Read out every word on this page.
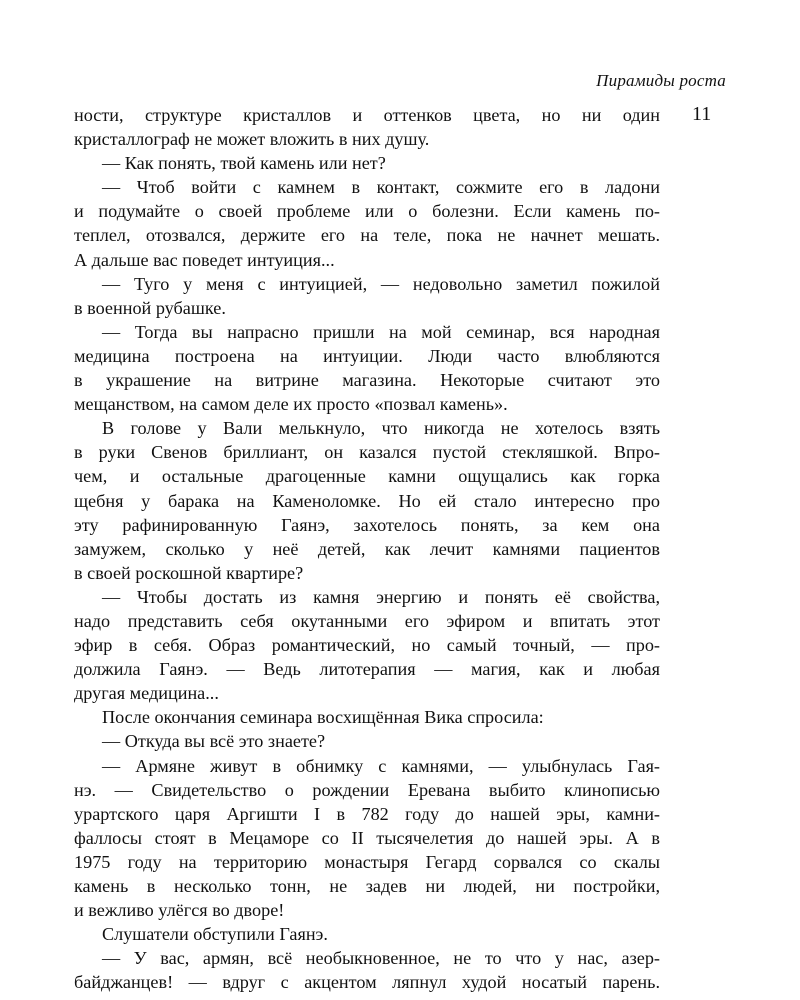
Пирамиды роста
11
ности, структуре кристаллов и оттенков цвета, но ни один
кристаллограф не может вложить в них душу.
— Как понять, твой камень или нет?
— Чтоб войти с камнем в контакт, сожмите его в ладони
и подумайте о своей проблеме или о болезни. Если камень по-
теплел, отозвался, держите его на теле, пока не начнет мешать.
А дальше вас поведет интуиция...
— Туго у меня с интуицией, — недовольно заметил пожилой
в военной рубашке.
— Тогда вы напрасно пришли на мой семинар, вся народная
медицина построена на интуиции. Люди часто влюбляются
в украшение на витрине магазина. Некоторые считают это
мещанством, на самом деле их просто «позвал камень».
В голове у Вали мелькнуло, что никогда не хотелось взять
в руки Свенов бриллиант, он казался пустой стекляшкой. Впро-
чем, и остальные драгоценные камни ощущались как горка
щебня у барака на Каменоломке. Но ей стало интересно про
эту рафинированную Гаянэ, захотелось понять, за кем она
замужем, сколько у неё детей, как лечит камнями пациентов
в своей роскошной квартире?
— Чтобы достать из камня энергию и понять её свойства,
надо представить себя окутанными его эфиром и впитать этот
эфир в себя. Образ романтический, но самый точный, — про-
должила Гаянэ. — Ведь литотерапия — магия, как и любая
другая медицина...
После окончания семинара восхищённая Вика спросила:
— Откуда вы всё это знаете?
— Армяне живут в обнимку с камнями, — улыбнулась Гая-
нэ. — Свидетельство о рождении Еревана выбито клинописью
урартского царя Аргишти I в 782 году до нашей эры, камни-
фаллосы стоят в Мецаморе со II тысячелетия до нашей эры. А в
1975 году на территорию монастыря Гегард сорвался со скалы
камень в несколько тонн, не задев ни людей, ни постройки,
и вежливо улёгся во дворе!
Слушатели обступили Гаянэ.
— У вас, армян, всё необыкновенное, не то что у нас, азер-
байджанцев! — вдруг с акцентом ляпнул худой носатый парень.
